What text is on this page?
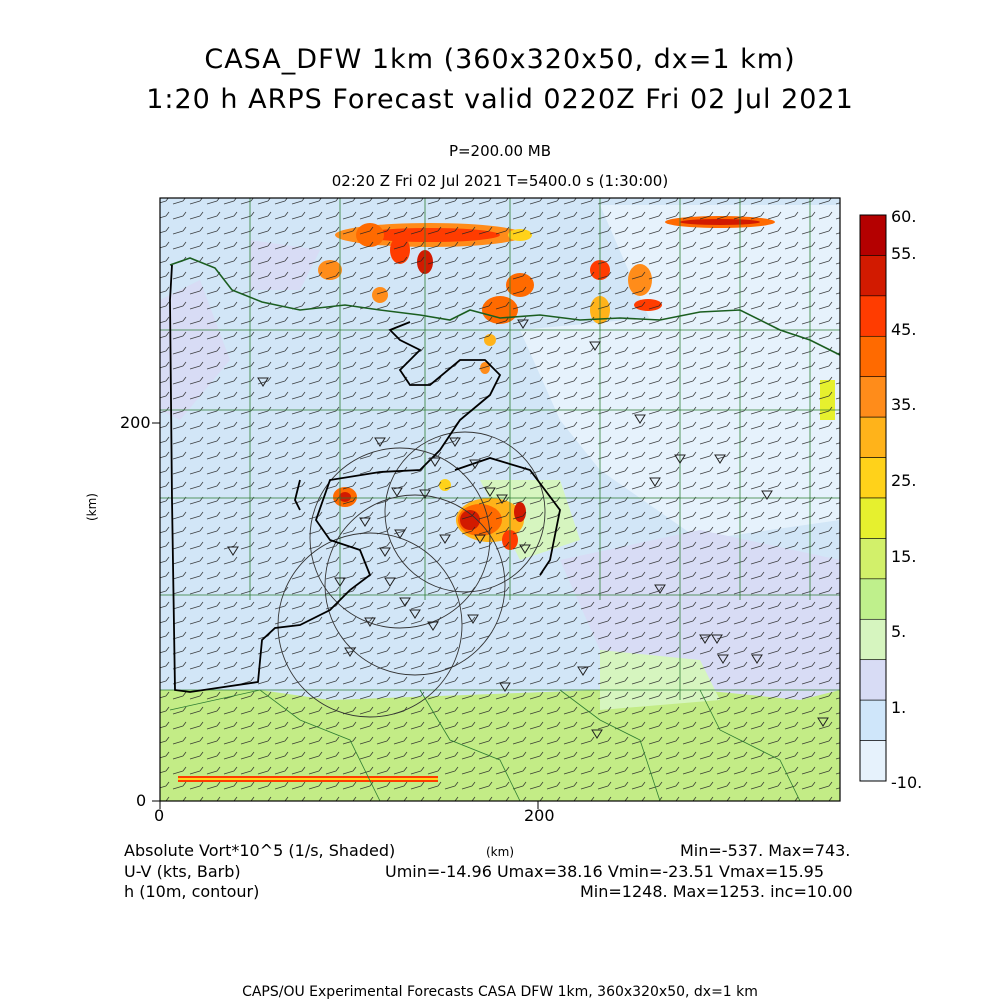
CASA_DFW 1km (360x320x50, dx=1 km)
1:20 h ARPS Forecast valid 0220Z Fri 02 Jul 2021
P=200.00 MB
02:20 Z Fri 02 Jul 2021 T=5400.0 s (1:30:00)
200
0
0	200
(km)
60.
55.
45.
35.
25.
15.
5.
1.
-10.
Absolute Vort*10^5 (1/s, Shaded)	(km)	Min=-537. Max=743.
U-V (kts, Barb)	Umin=-14.96 Umax=38.16 Vmin=-23.51 Vmax=15.95
h (10m, contour)	Min=1248. Max=1253. inc=10.00
CAPS/OU Experimental Forecasts CASA DFW 1km, 360x320x50, dx=1 km
